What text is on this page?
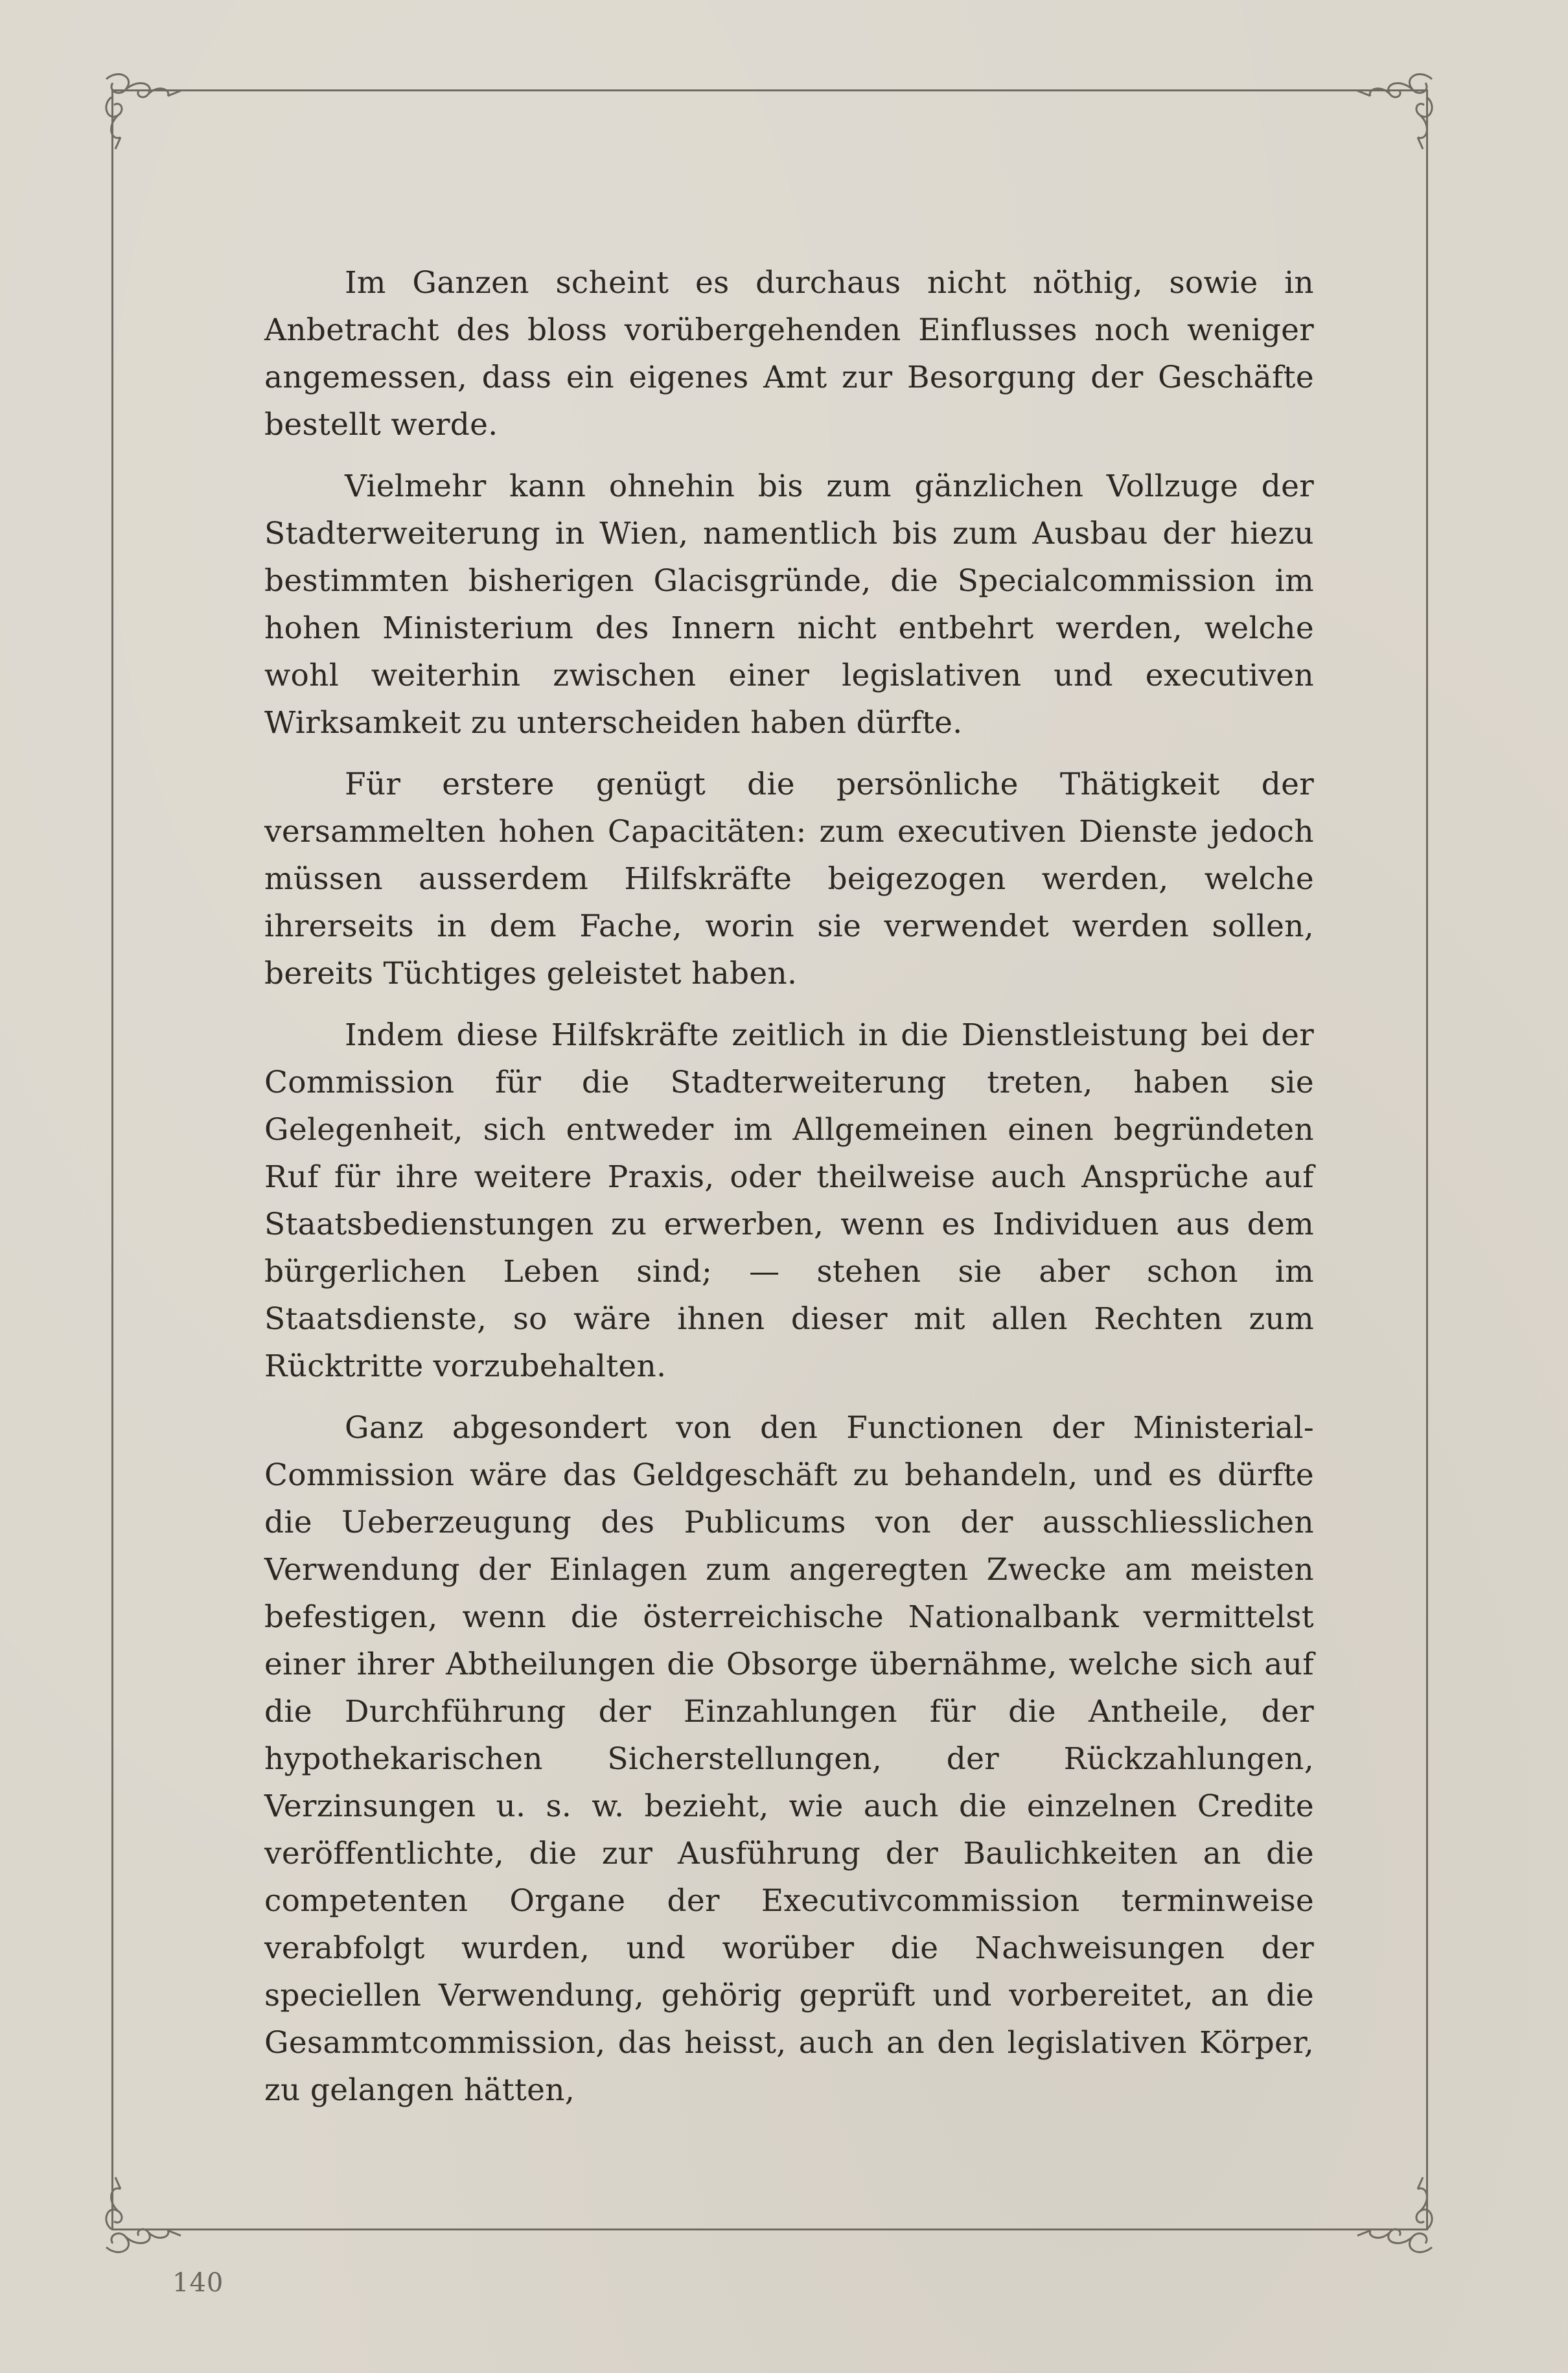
Im Ganzen scheint es durchaus nicht nöthig, sowie in Anbetracht des bloss vorübergehenden Einflusses noch weniger angemessen, dass ein eigenes Amt zur Besorgung der Geschäfte bestellt werde.

Vielmehr kann ohnehin bis zum gänzlichen Vollzuge der Stadterweiterung in Wien, namentlich bis zum Ausbau der hiezu bestimmten bisherigen Glacisgründe, die Specialcommission im hohen Ministerium des Innern nicht entbehrt werden, welche wohl weiterhin zwischen einer legislativen und executiven Wirksamkeit zu unterscheiden haben dürfte.

Für erstere genügt die persönliche Thätigkeit der versammelten hohen Capacitäten: zum executiven Dienste jedoch müssen ausserdem Hilfskräfte beigezogen werden, welche ihrerseits in dem Fache, worin sie verwendet werden sollen, bereits Tüchtiges geleistet haben.

Indem diese Hilfskräfte zeitlich in die Dienstleistung bei der Commission für die Stadterweiterung treten, haben sie Gelegenheit, sich entweder im Allgemeinen einen begründeten Ruf für ihre weitere Praxis, oder theilweise auch Ansprüche auf Staatsbedienstungen zu erwerben, wenn es Individuen aus dem bürgerlichen Leben sind; — stehen sie aber schon im Staatsdienste, so wäre ihnen dieser mit allen Rechten zum Rücktritte vorzubehalten.

Ganz abgesondert von den Functionen der Ministerial-Commission wäre das Geldgeschäft zu behandeln, und es dürfte die Ueberzeugung des Publicums von der ausschliesslichen Verwendung der Einlagen zum angeregten Zwecke am meisten befestigen, wenn die österreichische Nationalbank vermittelst einer ihrer Abtheilungen die Obsorge übernähme, welche sich auf die Durchführung der Einzahlungen für die Antheile, der hypothekarischen Sicherstellungen, der Rückzahlungen, Verzinsungen u. s. w. bezieht, wie auch die einzelnen Credite veröffentlichte, die zur Ausführung der Baulichkeiten an die competenten Organe der Executivcommission terminweise verabfolgt wurden, und worüber die Nachweisungen der speciellen Verwendung, gehörig geprüft und vorbereitet, an die Gesammtcommission, das heisst, auch an den legislativen Körper, zu gelangen hätten,

140
